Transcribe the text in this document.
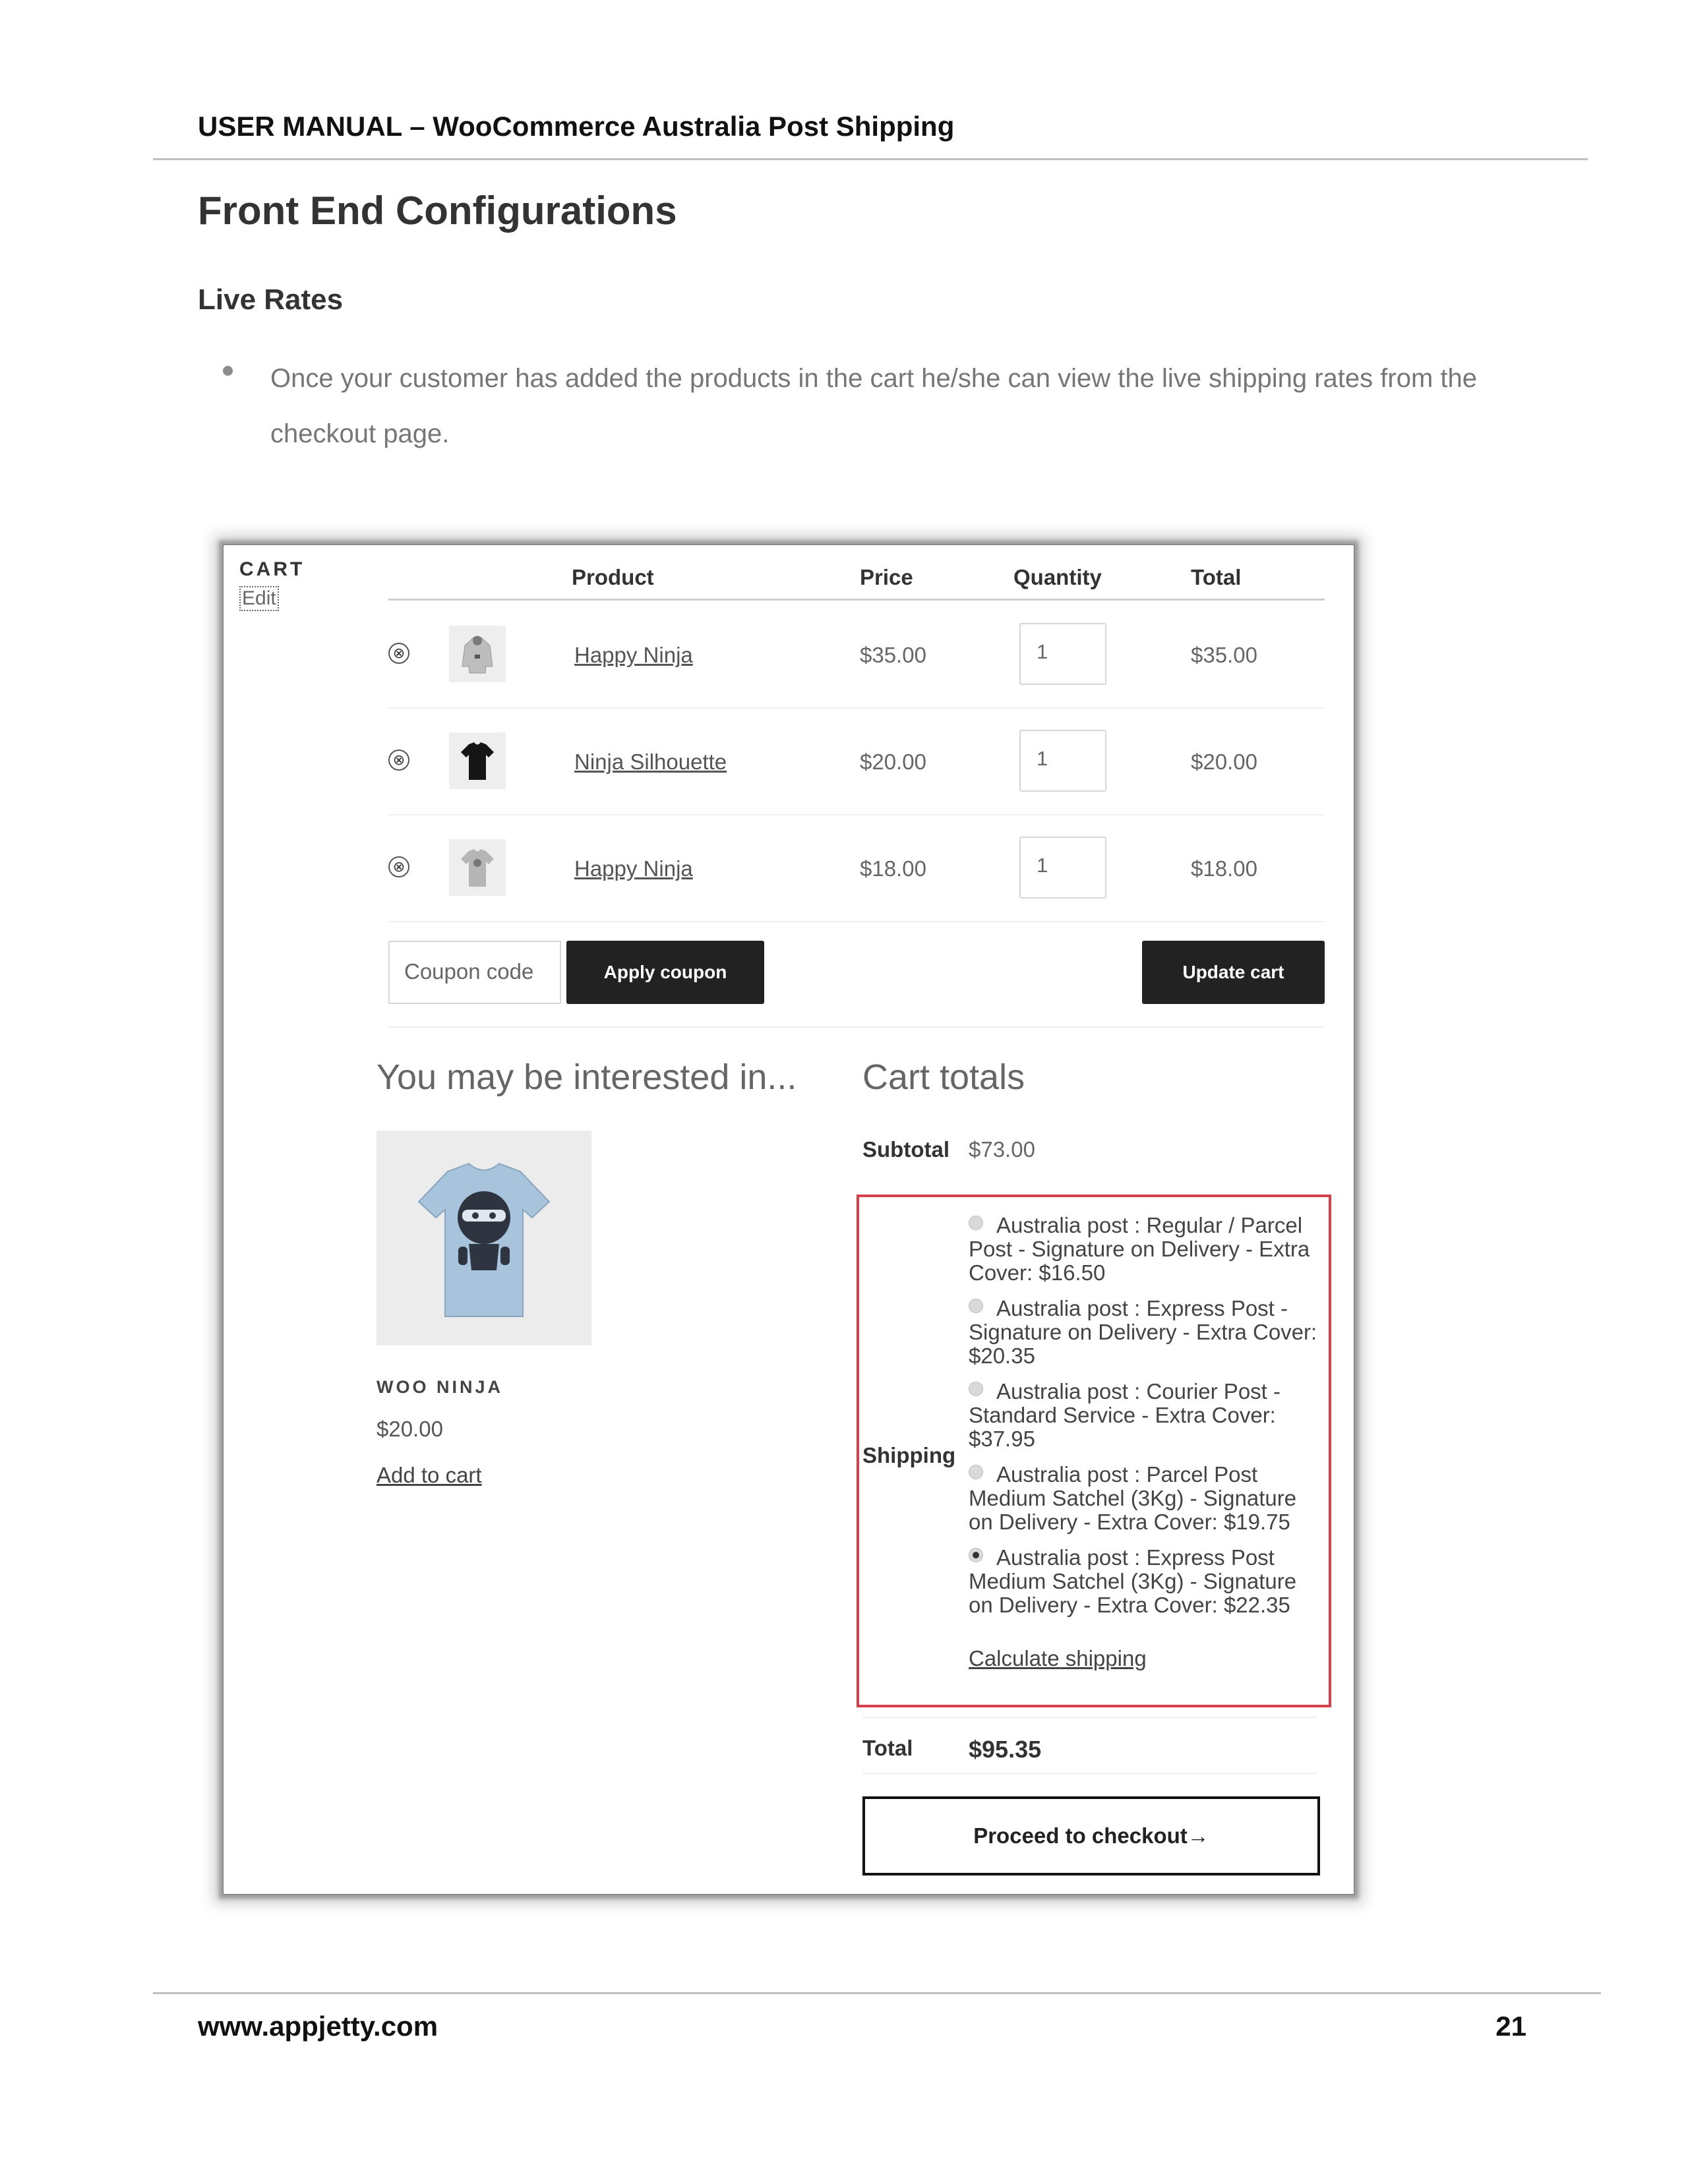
USER MANUAL – WooCommerce Australia Post Shipping
Front End Configurations
Live Rates
Once your customer has added the products in the cart he/she can view the live shipping rates from the checkout page.
CART
Edit
Product	Price	Quantity	Total
⊗	Happy Ninja	$35.00	1	$35.00
⊗	Ninja Silhouette	$20.00	1	$20.00
⊗	Happy Ninja	$18.00	1	$18.00
Coupon code	Apply coupon	Update cart
You may be interested in...
WOO NINJA
$20.00
Add to cart
Cart totals
Subtotal $73.00
Shipping
Australia post : Regular / Parcel Post - Signature on Delivery - Extra Cover: $16.50
Australia post : Express Post - Signature on Delivery - Extra Cover: $20.35
Australia post : Courier Post - Standard Service - Extra Cover: $37.95
Australia post : Parcel Post Medium Satchel (3Kg) - Signature on Delivery - Extra Cover: $19.75
Australia post : Express Post Medium Satchel (3Kg) - Signature on Delivery - Extra Cover: $22.35
Calculate shipping
Total $95.35
Proceed to checkout→
www.appjetty.com	21
